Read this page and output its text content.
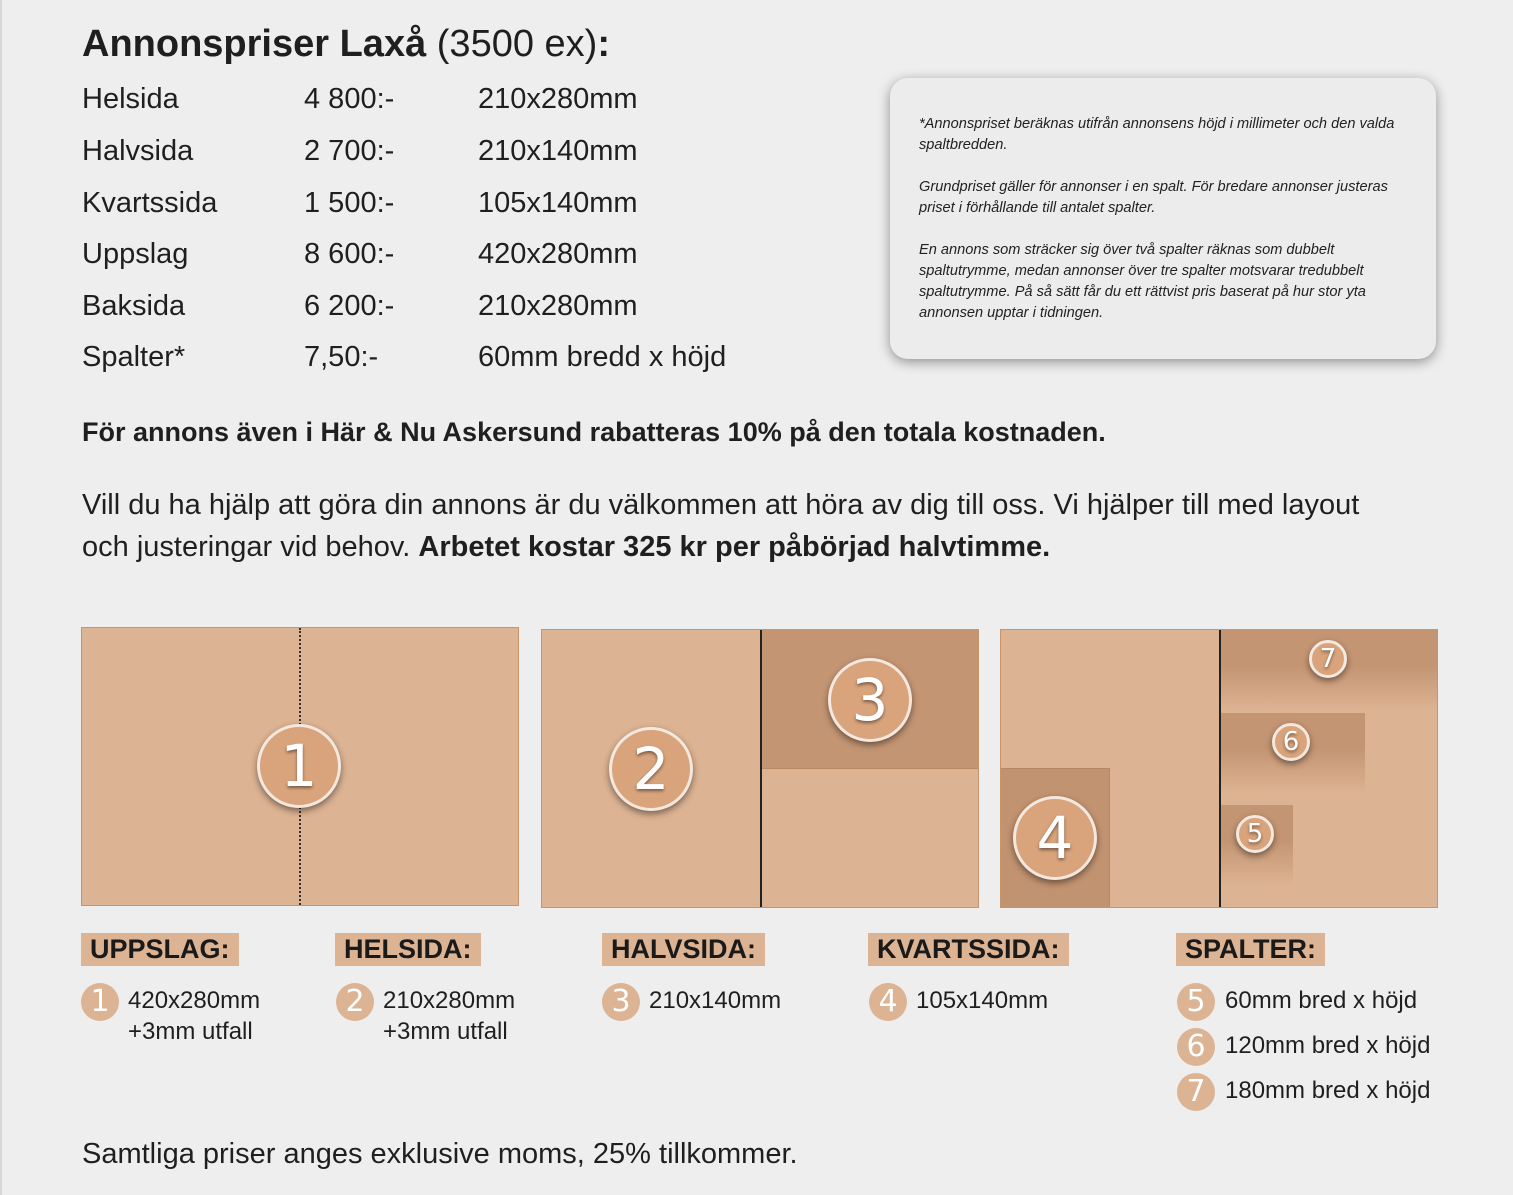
Annonspriser Laxå (3500 ex):
Helsida	4 800:-	210x280mm
Halvsida	2 700:-	210x140mm
Kvartssida	1 500:-	105x140mm
Uppslag	8 600:-	420x280mm
Baksida	6 200:-	210x280mm
Spalter*	7,50:-	60mm bredd x höjd

*Annonspriset beräknas utifrån annonsens höjd i millimeter och den valda spaltbredden.

Grundpriset gäller för annonser i en spalt. För bredare annonser justeras priset i förhållande till antalet spalter.

En annons som sträcker sig över två spalter räknas som dubbelt spaltutrymme, medan annonser över tre spalter motsvarar tredubbelt spaltutrymme. På så sätt får du ett rättvist pris baserat på hur stor yta annonsen upptar i tidningen.

För annons även i Här & Nu Askersund rabatteras 10% på den totala kostnaden.
Vill du ha hjälp att göra din annons är du välkommen att höra av dig till oss. Vi hjälper till med layout och justeringar vid behov. Arbetet kostar 325 kr per påbörjad halvtimme.
1	2
3
4	5
6
7
UPPSLAG:
1 420x280mm
+3mm utfall
HELSIDA:
2 210x280mm
+3mm utfall
HALVSIDA:
3 210x140mm
KVARTSSIDA:
4 105x140mm
SPALTER:
5 60mm bred x höjd
6 120mm bred x höjd
7 180mm bred x höjd
Samtliga priser anges exklusive moms, 25% tillkommer.
